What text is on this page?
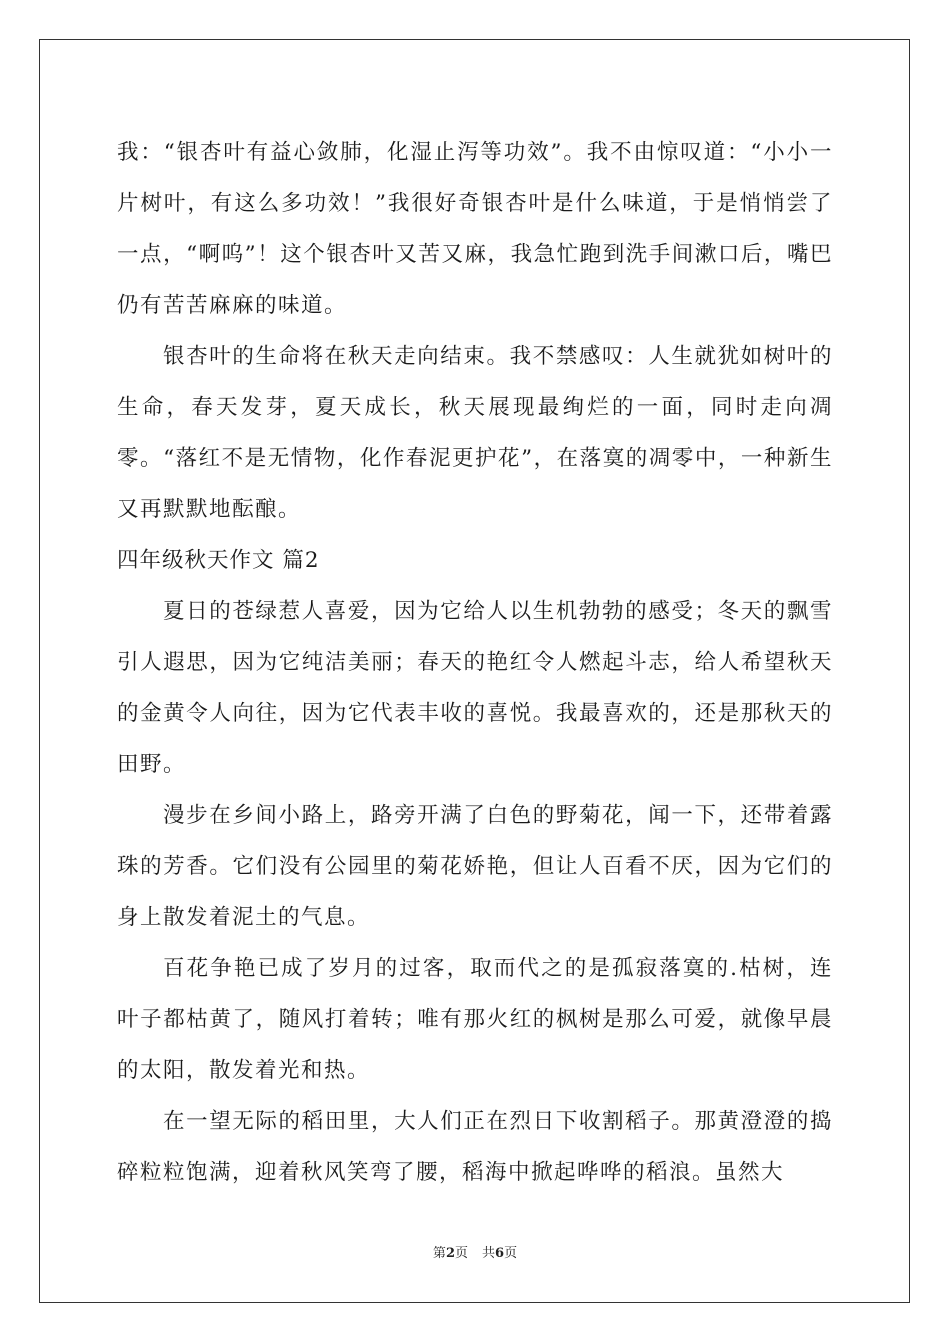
我：“银杏叶有益心敛肺，化湿止泻等功效”。我不由惊叹道：“小小一片树叶，有这么多功效！”我很好奇银杏叶是什么味道，于是悄悄尝了一点，“啊呜”！这个银杏叶又苦又麻，我急忙跑到洗手间漱口后，嘴巴仍有苦苦麻麻的味道。

银杏叶的生命将在秋天走向结束。我不禁感叹：人生就犹如树叶的生命，春天发芽，夏天成长，秋天展现最绚烂的一面，同时走向凋零。“落红不是无情物，化作春泥更护花”，在落寞的凋零中，一种新生又再默默地酝酿。

四年级秋天作文 篇2

夏日的苍绿惹人喜爱，因为它给人以生机勃勃的感受；冬天的飘雪引人遐思，因为它纯洁美丽；春天的艳红令人燃起斗志，给人希望秋天的金黄令人向往，因为它代表丰收的喜悦。我最喜欢的，还是那秋天的田野。

漫步在乡间小路上，路旁开满了白色的野菊花，闻一下，还带着露珠的芳香。它们没有公园里的菊花娇艳，但让人百看不厌，因为它们的身上散发着泥土的气息。

百花争艳已成了岁月的过客，取而代之的是孤寂落寞的.枯树，连叶子都枯黄了，随风打着转；唯有那火红的枫树是那么可爱，就像早晨的太阳，散发着光和热。

在一望无际的稻田里，大人们正在烈日下收割稻子。那黄澄澄的捣碎粒粒饱满，迎着秋风笑弯了腰，稻海中掀起哗哗的稻浪。虽然大

第2页 共6页
